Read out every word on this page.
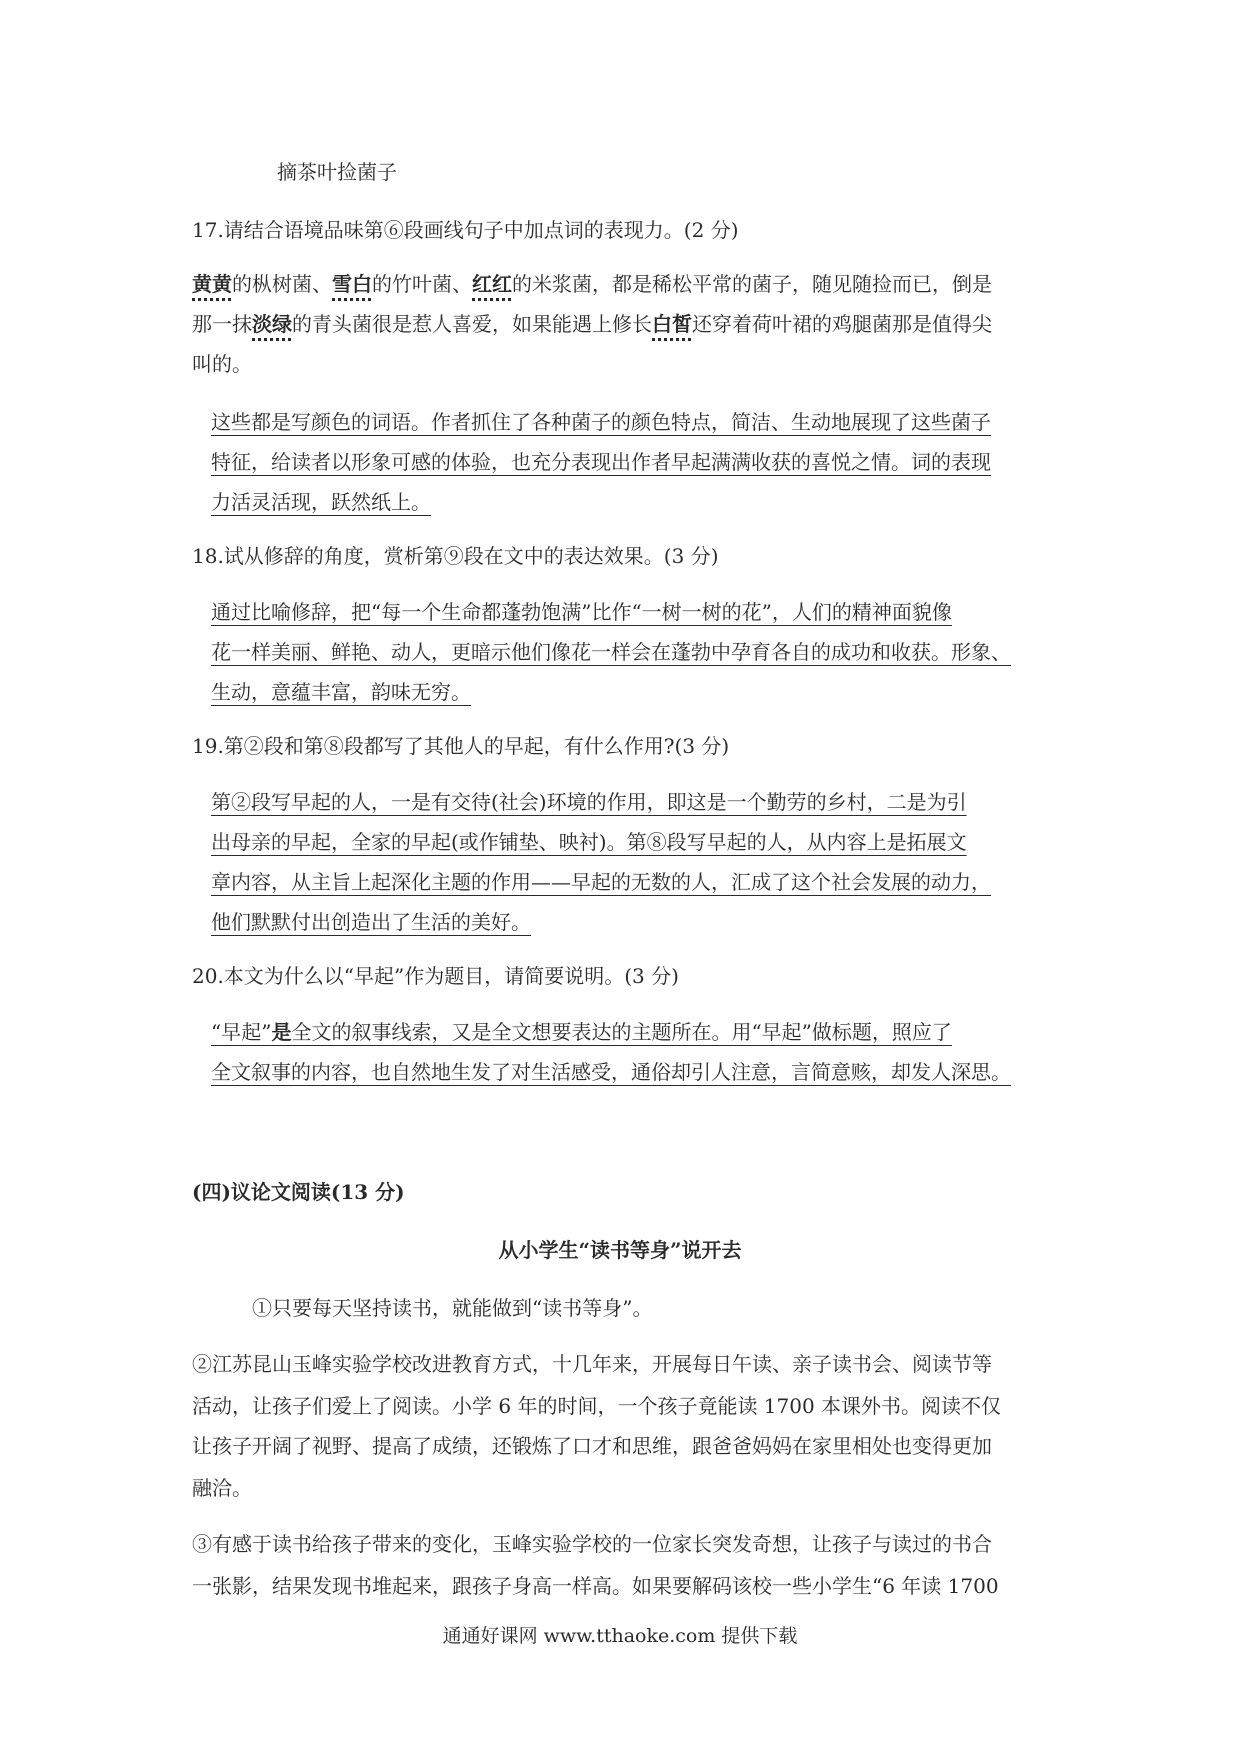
摘茶叶捡菌子
17.请结合语境品味第⑥段画线句子中加点词的表现力。(2 分)
黄黄的枞树菌、雪白的竹叶菌、红红的米浆菌，都是稀松平常的菌子，随见随捡而已，倒是
那一抹淡绿的青头菌很是惹人喜爱，如果能遇上修长白皙还穿着荷叶裙的鸡腿菌那是值得尖
叫的。
这些都是写颜色的词语。作者抓住了各种菌子的颜色特点，简洁、生动地展现了这些菌子
特征，给读者以形象可感的体验，也充分表现出作者早起满满收获的喜悦之情。词的表现
力活灵活现，跃然纸上。
18.试从修辞的角度，赏析第⑨段在文中的表达效果。(3 分)
通过比喻修辞，把“每一个生命都蓬勃饱满”比作“一树一树的花”，人们的精神面貌像
花一样美丽、鲜艳、动人，更暗示他们像花一样会在蓬勃中孕育各自的成功和收获。形象、
生动，意蕴丰富，韵味无穷。
19.第②段和第⑧段都写了其他人的早起，有什么作用?(3 分)
第②段写早起的人，一是有交待(社会)环境的作用，即这是一个勤劳的乡村，二是为引
出母亲的早起，全家的早起(或作铺垫、映衬)。第⑧段写早起的人，从内容上是拓展文
章内容，从主旨上起深化主题的作用——早起的无数的人，汇成了这个社会发展的动力，
他们默默付出创造出了生活的美好。
20.本文为什么以“早起”作为题目，请简要说明。(3 分)
“早起”是全文的叙事线索，又是全文想要表达的主题所在。用“早起”做标题，照应了
全文叙事的内容，也自然地生发了对生活感受，通俗却引人注意，言简意赅，却发人深思。
(四)议论文阅读(13 分)
从小学生“读书等身”说开去
①只要每天坚持读书，就能做到“读书等身”。
②江苏昆山玉峰实验学校改进教育方式，十几年来，开展每日午读、亲子读书会、阅读节等
活动，让孩子们爱上了阅读。小学 6 年的时间，一个孩子竟能读 1700 本课外书。阅读不仅
让孩子开阔了视野、提高了成绩，还锻炼了口才和思维，跟爸爸妈妈在家里相处也变得更加
融洽。
③有感于读书给孩子带来的变化，玉峰实验学校的一位家长突发奇想，让孩子与读过的书合
一张影，结果发现书堆起来，跟孩子身高一样高。如果要解码该校一些小学生“6 年读 1700
通通好课网 www.tthaoke.com 提供下载
